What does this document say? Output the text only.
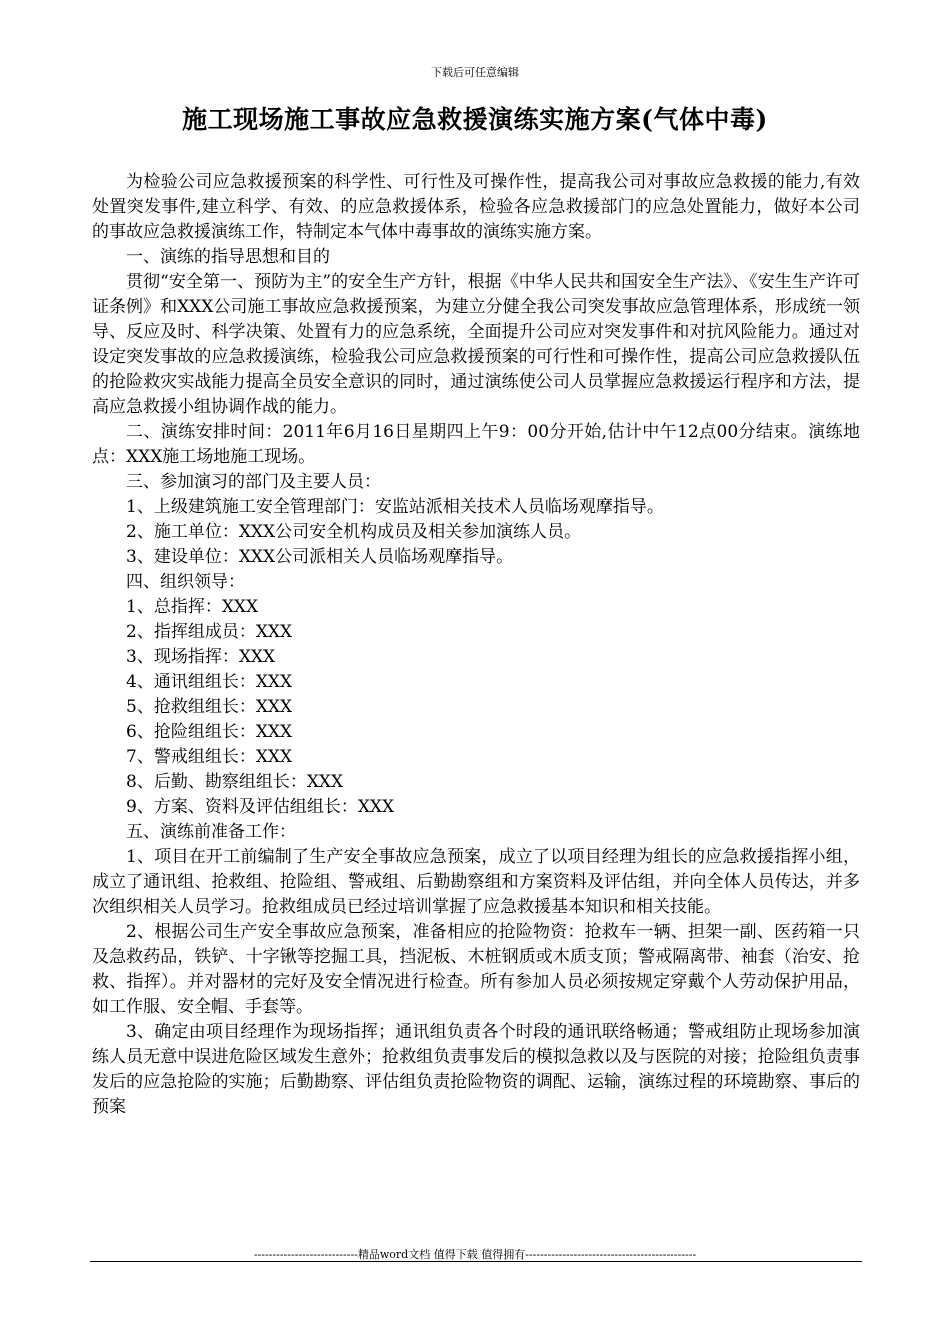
下载后可任意编辑
施工现场施工事故应急救援演练实施方案(气体中毒)

为检验公司应急救援预案的科学性、可行性及可操作性，提高我公司对事故应急救援的能力,有效处置突发事件,建立科学、有效、的应急救援体系，检验各应急救援部门的应急处置能力，做好本公司的事故应急救援演练工作，特制定本气体中毒事故的演练实施方案。

一、演练的指导思想和目的

贯彻“安全第一、预防为主”的安全生产方针，根据《中华人民共和国安全生产法》、《安生生产许可证条例》和XXX公司施工事故应急救援预案，为建立分健全我公司突发事故应急管理体系，形成统一领导、反应及时、科学决策、处置有力的应急系统，全面提升公司应对突发事件和对抗风险能力。通过对设定突发事故的应急救援演练，检验我公司应急救援预案的可行性和可操作性，提高公司应急救援队伍的抢险救灾实战能力提高全员安全意识的同时，通过演练使公司人员掌握应急救援运行程序和方法，提高应急救援小组协调作战的能力。

二、演练安排时间：2011年6月16日星期四上午9：00分开始,估计中午12点00分结束。演练地点：XXX施工场地施工现场。

三、参加演习的部门及主要人员：

1、上级建筑施工安全管理部门：安监站派相关技术人员临场观摩指导。

2、施工单位：XXX公司安全机构成员及相关参加演练人员。

3、建设单位：XXX公司派相关人员临场观摩指导。

四、组织领导：

1、总指挥：XXX

2、指挥组成员：XXX

3、现场指挥：XXX

4、通讯组组长：XXX

5、抢救组组长：XXX

6、抢险组组长：XXX

7、警戒组组长：XXX

8、后勤、勘察组组长：XXX

9、方案、资料及评估组组长：XXX

五、演练前准备工作：

1、项目在开工前编制了生产安全事故应急预案，成立了以项目经理为组长的应急救援指挥小组，成立了通讯组、抢救组、抢险组、警戒组、后勤勘察组和方案资料及评估组，并向全体人员传达，并多次组织相关人员学习。抢救组成员已经过培训掌握了应急救援基本知识和相关技能。

2、根据公司生产安全事故应急预案，准备相应的抢险物资：抢救车一辆、担架一副、医药箱一只及急救药品，铁铲、十字锹等挖掘工具，挡泥板、木桩钢质或木质支顶；警戒隔离带、袖套（治安、抢救、指挥）。并对器材的完好及安全情况进行检查。所有参加人员必须按规定穿戴个人劳动保护用品，如工作服、安全帽、手套等。

3、确定由项目经理作为现场指挥；通讯组负责各个时段的通讯联络畅通；警戒组防止现场参加演练人员无意中误进危险区域发生意外；抢救组负责事发后的模拟急救以及与医院的对接；抢险组负责事发后的应急抢险的实施；后勤勘察、评估组负责抢险物资的调配、运输，演练过程的环境勘察、事后的预案

----------------------------精品word文档 值得下载 值得拥有----------------------------------------------
